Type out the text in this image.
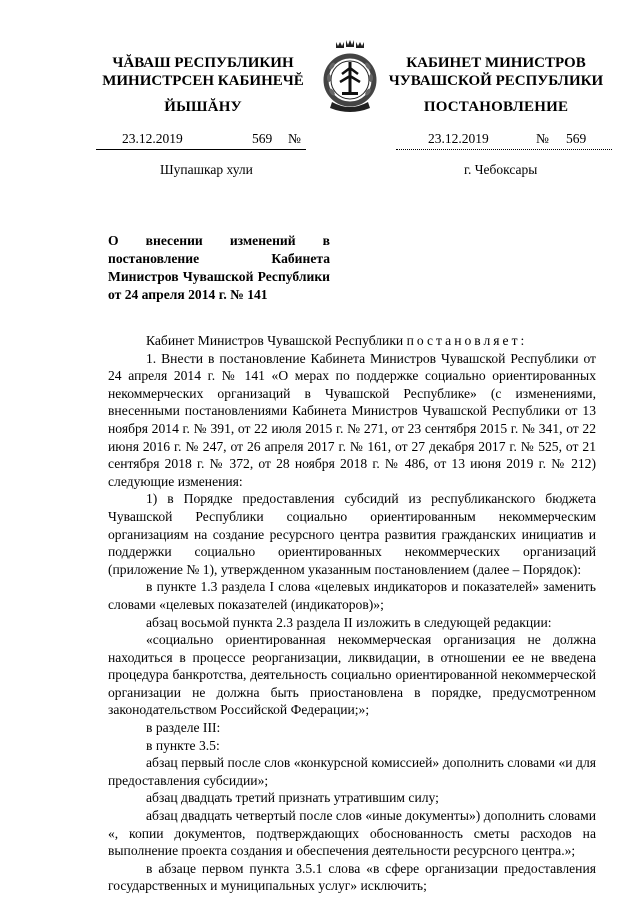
ЧĂВАШ РЕСПУБЛИКИН
МИНИСТРСЕН КАБИНЕЧĔ
ЙЫШĂНУ
КАБИНЕТ МИНИСТРОВ
ЧУВАШСКОЙ РЕСПУБЛИКИ
ПОСТАНОВЛЕНИЕ
23.12.2019	569 №	23.12.2019	№ 569
Шупашкар хули	г. Чебоксары
О внесении изменений в постановление Кабинета Министров Чувашской Республики от 24 апреля 2014 г. № 141

Кабинет Министров Чувашской Республики постановляет:

1. Внести в постановление Кабинета Министров Чувашской Республики от 24 апреля 2014 г. № 141 «О мерах по поддержке социально ориентированных некоммерческих организаций в Чувашской Республике» (с изменениями, внесенными постановлениями Кабинета Министров Чувашской Республики от 13 ноября 2014 г. № 391, от 22 июля 2015 г. № 271, от 23 сентября 2015 г. № 341, от 22 июня 2016 г. № 247, от 26 апреля 2017 г. № 161, от 27 декабря 2017 г. № 525, от 21 сентября 2018 г. № 372, от 28 ноября 2018 г. № 486, от 13 июня 2019 г. № 212) следующие изменения:

1) в Порядке предоставления субсидий из республиканского бюджета Чувашской Республики социально ориентированным некоммерческим организациям на создание ресурсного центра развития гражданских инициатив и поддержки социально ориентированных некоммерческих организаций (приложение № 1), утвержденном указанным постановлением (далее – Порядок):

в пункте 1.3 раздела I слова «целевых индикаторов и показателей» заменить словами «целевых показателей (индикаторов)»;

абзац восьмой пункта 2.3 раздела II изложить в следующей редакции:

«социально ориентированная некоммерческая организация не должна находиться в процессе реорганизации, ликвидации, в отношении ее не введена процедура банкротства, деятельность социально ориентированной некоммерческой организации не должна быть приостановлена в порядке, предусмотренном законодательством Российской Федерации;»;

в разделе III:

в пункте 3.5:

абзац первый после слов «конкурсной комиссией» дополнить словами «и для предоставления субсидии»;

абзац двадцать третий признать утратившим силу;

абзац двадцать четвертый после слов «иные документы») дополнить словами «, копии документов, подтверждающих обоснованность сметы расходов на выполнение проекта создания и обеспечения деятельности ресурсного центра.»;

в абзаце первом пункта 3.5.1 слова «в сфере организации предоставления государственных и муниципальных услуг» исключить;
